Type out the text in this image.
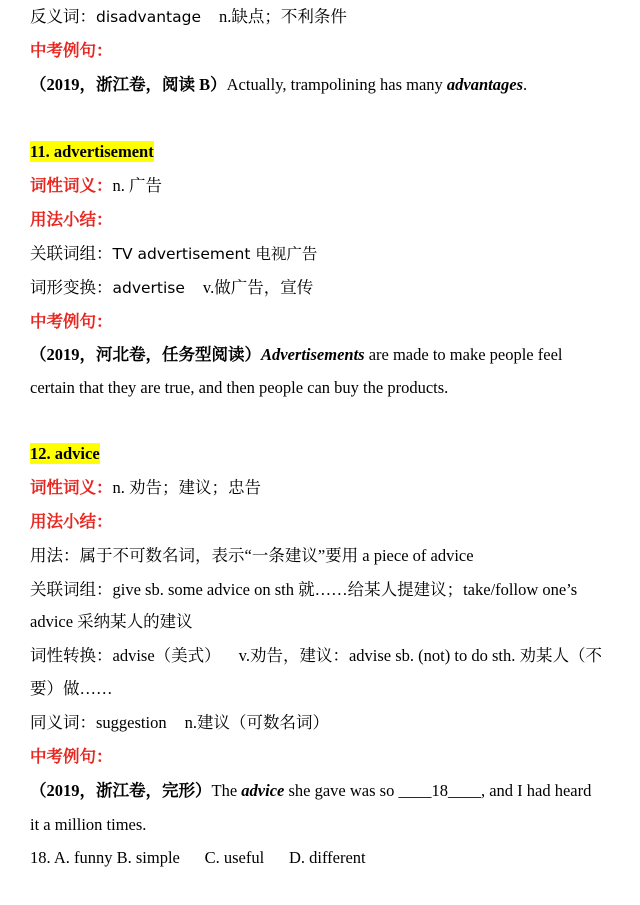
反义词：disadvantage n.缺点；不利条件
中考例句：
（2019，浙江卷，阅读 B）Actually, trampolining has many advantages.
11. advertisement
词性词义：n. 广告
用法小结：
关联词组：TV advertisement 电视广告
词形变换：advertise v.做广告，宣传
中考例句：
（2019，河北卷，任务型阅读）Advertisements are made to make people feel
certain that they are true, and then people can buy the products.
12. advice
词性词义：n. 劝告；建议；忠告
用法小结：
用法：属于不可数名词，表示“一条建议”要用 a piece of advice
关联词组：give sb. some advice on sth 就……给某人提建议；take/follow one’s
advice 采纳某人的建议
词性转换：advise（美式） v.劝告，建议：advise sb. (not) to do sth. 劝某人（不
要）做……
同义词：suggestion n.建议（可数名词）
中考例句：
（2019，浙江卷，完形）The advice she gave was so ____18____, and I had heard
it a million times.
18. A. funny B. simple      C. useful      D. different
